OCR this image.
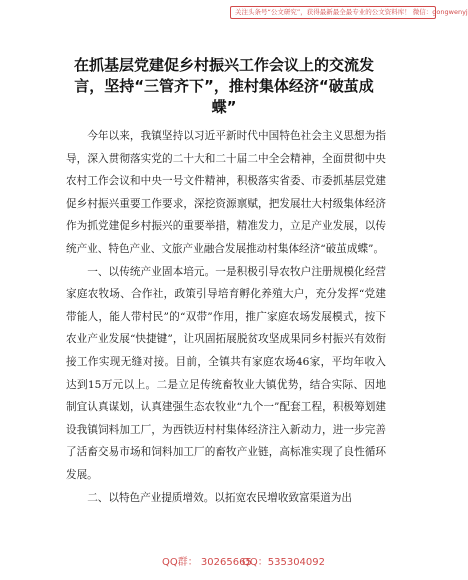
关注头条号“公文研究”，获得最新最全最专业的公文资料库！ 微信：gongwenyj
在抓基层党建促乡村振兴工作会议上的交流发言，坚持“三管齐下”，推村集体经济“破茧成蝶”

今年以来，我镇坚持以习近平新时代中国特色社会主义思想为指导，深入贯彻落实党的二十大和二十届二中全会精神，全面贯彻中央农村工作会议和中央一号文件精神，积极落实省委、市委抓基层党建促乡村振兴重要工作要求，深挖资源禀赋，把发展壮大村级集体经济作为抓党建促乡村振兴的重要举措，精准发力，立足产业发展，以传统产业、特色产业、文旅产业融合发展推动村集体经济“破茧成蝶”。

一、以传统产业固本培元。一是积极引导农牧户注册规模化经营家庭农牧场、合作社，政策引导培育孵化养殖大户，充分发挥“党建带能人，能人带村民”的“双带”作用，推广家庭农场发展模式，按下农业产业发展“快捷键”，让巩固拓展脱贫攻坚成果同乡村振兴有效衔接工作实现无缝对接。目前，全镇共有家庭农场46家，平均年收入达到15万元以上。二是立足传统畜牧业大镇优势，结合实际、因地制宜认真谋划，认真建强生态农牧业“九个一”配套工程，积极筹划建设我镇饲料加工厂，为西铁迈村村集体经济注入新动力，进一步完善了活畜交易市场和饲料加工厂的畜牧产业链，高标准实现了良性循环发展。

二、以特色产业提质增效。以拓宽农民增收致富渠道为出

QQ群： 30265665
QQ：535304092
